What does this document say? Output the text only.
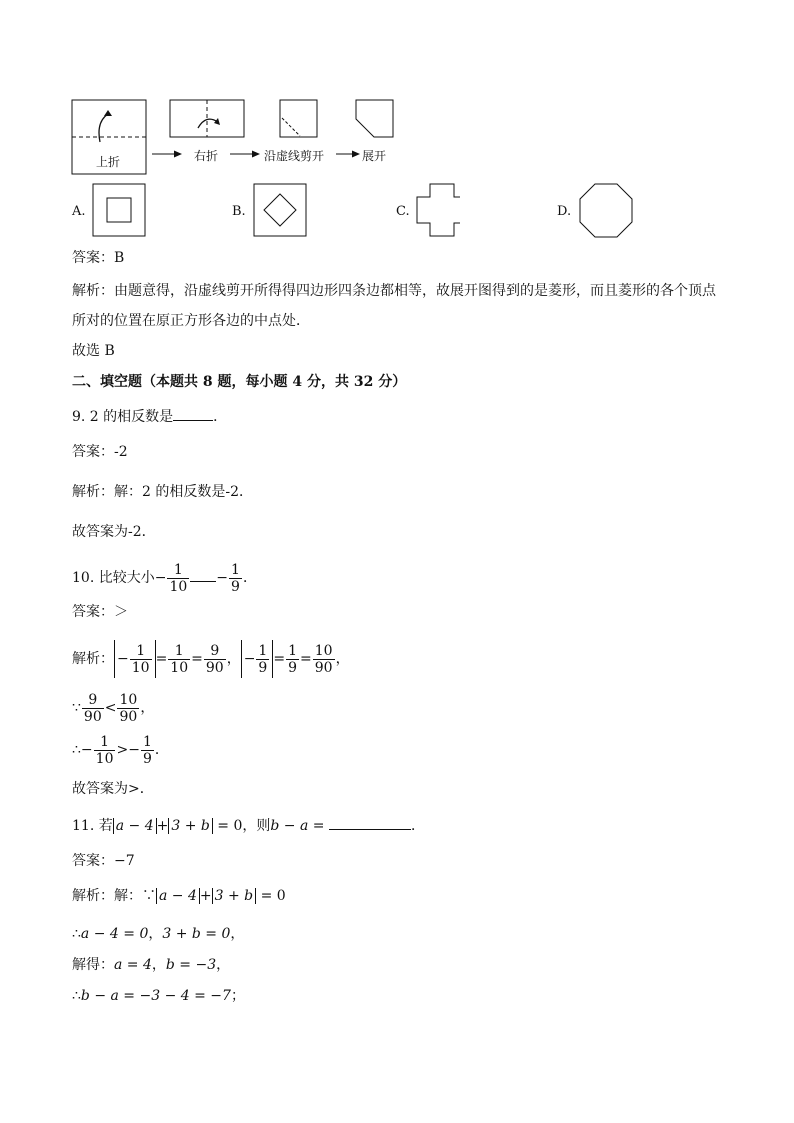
上折	右折	沿虚线剪开	展开
A.	B.	C.	D.
答案：B
解析：由题意得，沿虚线剪开所得得四边形四条边都相等，故展开图得到的是菱形，而且菱形的各个顶点
所对的位置在原正方形各边的中点处．
故选 B
二、填空题（本题共 8 题，每小题 4 分，共 32 分）
9. 2 的相反数是	．
答案：-2
解析：解：2 的相反数是-2．
故答案为-2．
10. 比较大小− $\frac{1}{10} - \frac{1}{9}$ ．
答案：＞
解析： − $\frac{1}{10} = \frac{1}{10} = \frac{9}{90}$ ， − $\frac{1}{9} = \frac{1}{9} = \frac{10}{90}$ ，
∵ $\frac{9}{90} < \frac{10}{90}$ ，
∴− $\frac{1}{10} >- \frac{1}{9}$ ．
故答案为>．
11. 若 a − 4 + 3 + b = 0，则b − a =	．
答案：−7
解析：解：∵ a − 4 + 3 + b = 0
∴a − 4 = 0，3 + b = 0，
解得：a = 4，b = −3，
∴b − a = −3 − 4 = −7；
